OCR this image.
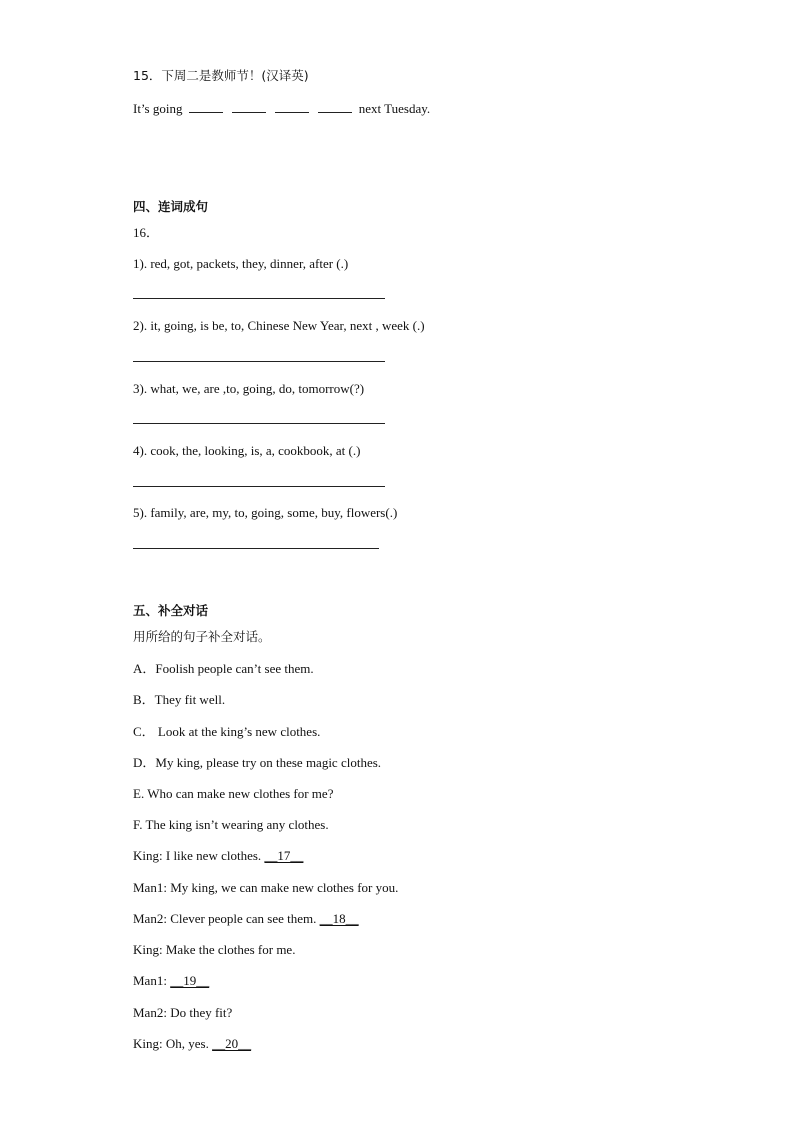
15．下周二是教师节！(汉译英)
It’s going	next Tuesday.
四、连词成句
16．
1). red, got, packets, they, dinner, after (.)
2). it, going, is be, to, Chinese New Year, next , week (.)
3). what, we, are ,to, going, do, tomorrow(?)
4). cook, the, looking, is, a, cookbook, at (.)
5). family, are, my, to, going, some, buy, flowers(.)
五、补全对话
用所给的句子补全对话。
A．Foolish people can’t see them.
B．They fit well.
C． Look at the king’s new clothes.
D．My king, please try on these magic clothes.
E. Who can make new clothes for me?
F. The king isn’t wearing any clothes.
King: I like new clothes. __17__
Man1: My king, we can make new clothes for you.
Man2: Clever people can see them. __18__
King: Make the clothes for me.
Man1: __19__
Man2: Do they fit?
King: Oh, yes. __20__
